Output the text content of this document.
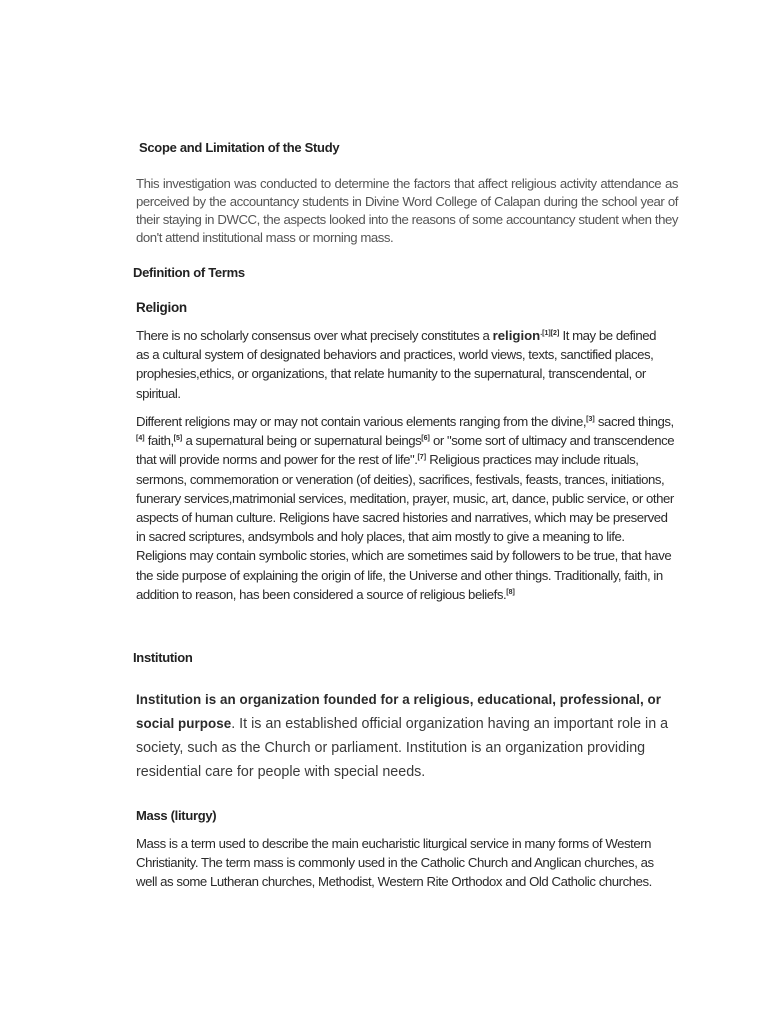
Scope and Limitation of the Study
This investigation was conducted to determine the factors that affect religious activity attendance as perceived by the accountancy students in Divine Word College of Calapan during the school year of their staying in DWCC, the aspects looked into the reasons of some accountancy student when they don't attend institutional mass or morning mass.
Definition of Terms
Religion
There is no scholarly consensus over what precisely constitutes a religion$^{.[1][2]}$ It may be defined as a cultural system of designated behaviors and practices, world views, texts, sanctified places, prophesies,ethics, or organizations, that relate humanity to the supernatural, transcendental, or spiritual.
Different religions may or may not contain various elements ranging from the divine,[3] sacred things,[4] faith,[5] a supernatural being or supernatural beings[6] or "some sort of ultimacy and transcendence that will provide norms and power for the rest of life".[7] Religious practices may include rituals, sermons, commemoration or veneration (of deities), sacrifices, festivals, feasts, trances, initiations, funerary services,matrimonial services, meditation, prayer, music, art, dance, public service, or other aspects of human culture. Religions have sacred histories and narratives, which may be preserved in sacred scriptures, andsymbols and holy places, that aim mostly to give a meaning to life. Religions may contain symbolic stories, which are sometimes said by followers to be true, that have the side purpose of explaining the origin of life, the Universe and other things. Traditionally, faith, in addition to reason, has been considered a source of religious beliefs.[8]
Institution
Institution is an organization founded for a religious, educational, professional, or social purpose. It is an established official organization having an important role in a society, such as the Church or parliament. Institution is an organization providing residential care for people with special needs.
Mass (liturgy)
Mass is a term used to describe the main eucharistic liturgical service in many forms of Western Christianity. The term mass is commonly used in the Catholic Church and Anglican churches, as well as some Lutheran churches, Methodist, Western Rite Orthodox and Old Catholic churches.
